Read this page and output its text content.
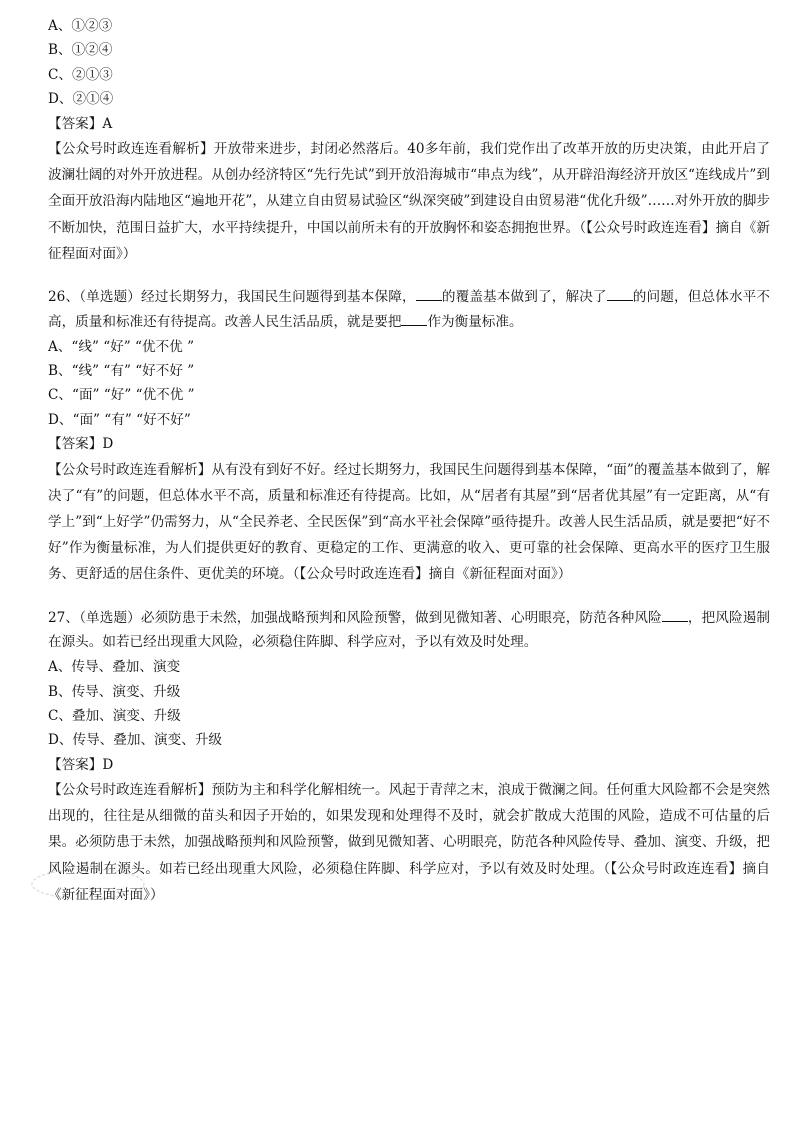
A、①②③
B、①②④
C、②①③
D、②①④
【答案】A
【公众号时政连连看解析】开放带来进步，封闭必然落后。40多年前，我们党作出了改革开放的历史决策，由此开启了波澜壮阔的对外开放进程。从创办经济特区“先行先试”到开放沿海城市“串点为线”，从开辟沿海经济开放区“连线成片”到全面开放沿海内陆地区“遍地开花”，从建立自由贸易试验区“纵深突破”到建设自由贸易港“优化升级”……对外开放的脚步不断加快，范围日益扩大，水平持续提升，中国以前所未有的开放胸怀和姿态拥抱世界。（【公众号时政连连看】摘自《新征程面对面》）
26、（单选题）经过长期努力，我国民生问题得到基本保障， 的覆盖基本做到了，解决了 的问题，但总体水平不高，质量和标准还有待提高。改善人民生活品质，就是要把 作为衡量标准。
A、“线” “好” “优不优 ”
B、“线” “有” “好不好 ”
C、“面” “好” “优不优 ”
D、“面” “有” “好不好”
【答案】D
【公众号时政连连看解析】从有没有到好不好。经过长期努力，我国民生问题得到基本保障，“面”的覆盖基本做到了，解决了“有”的问题，但总体水平不高，质量和标准还有待提高。比如，从“居者有其屋”到“居者优其屋”有一定距离，从“有学上”到“上好学”仍需努力，从“全民养老、全民医保”到“高水平社会保障”亟待提升。改善人民生活品质，就是要把“好不好”作为衡量标准，为人们提供更好的教育、更稳定的工作、更满意的收入、更可靠的社会保障、更高水平的医疗卫生服务、更舒适的居住条件、更优美的环境。（【公众号时政连连看】摘自《新征程面对面》）
27、（单选题）必须防患于未然，加强战略预判和风险预警，做到见微知著、心明眼亮，防范各种风险 ，把风险遏制在源头。如若已经出现重大风险，必须稳住阵脚、科学应对，予以有效及时处理。
A、传导、叠加、演变
B、传导、演变、升级
C、叠加、演变、升级
D、传导、叠加、演变、升级
【答案】D
【公众号时政连连看解析】预防为主和科学化解相统一。风起于青萍之末，浪成于微澜之间。任何重大风险都不会是突然出现的，往往是从细微的苗头和因子开始的，如果发现和处理得不及时，就会扩散成大范围的风险，造成不可估量的后果。必须防患于未然，加强战略预判和风险预警，做到见微知著、心明眼亮，防范各种风险传导、叠加、演变、升级，把风险遏制在源头。如若已经出现重大风险，必须稳住阵脚、科学应对，予以有效及时处理。（【公众号时政连连看】摘自《新征程面对面》）
